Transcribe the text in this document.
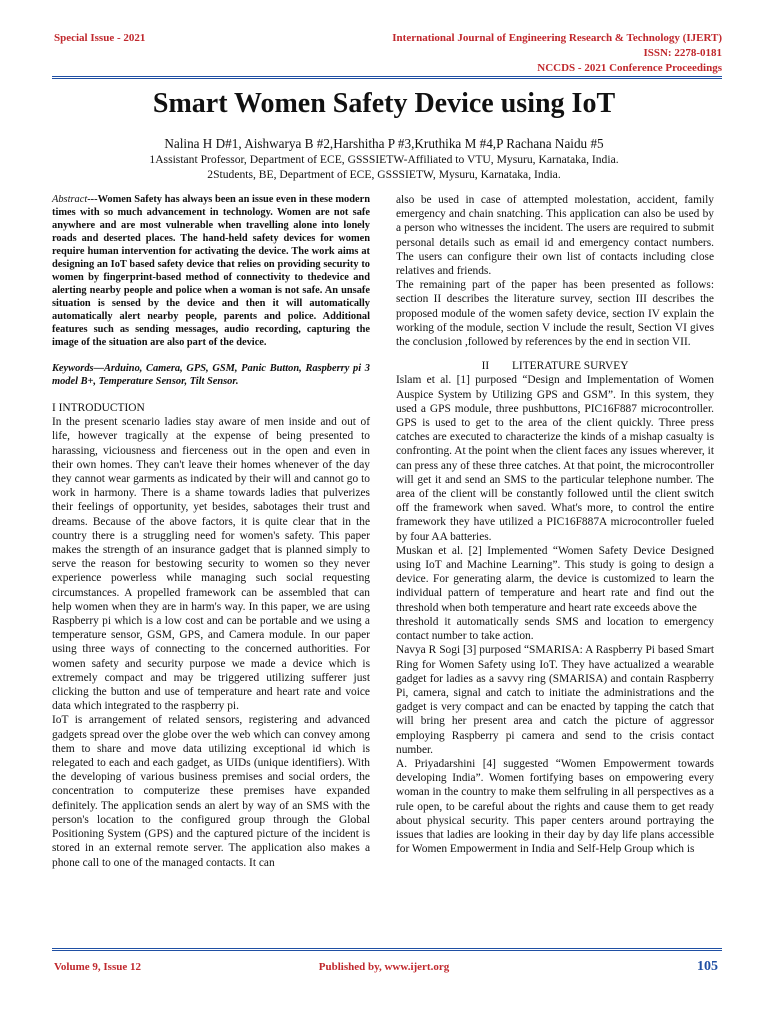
Special Issue - 2021	International Journal of Engineering Research & Technology (IJERT)
ISSN: 2278-0181
NCCDS - 2021 Conference Proceedings
Smart Women Safety Device using IoT
Nalina H D#1, Aishwarya B #2,Harshitha P #3,Kruthika M #4,P Rachana Naidu #5
1Assistant Professor, Department of ECE, GSSSIETW-Affiliated to VTU, Mysuru, Karnataka, India.
2Students, BE, Department of ECE, GSSSIETW, Mysuru, Karnataka, India.

Abstract---Women Safety has always been an issue even in these modern times with so much advancement in technology. Women are not safe anywhere and are most vulnerable when travelling alone into lonely roads and deserted places. The hand-held safety devices for women require human intervention for activating the device. The work aims at designing an IoT based safety device that relies on providing security to women by fingerprint-based method of connectivity to thedevice and alerting nearby people and police when a woman is not safe. An unsafe situation is sensed by the device and then it will automatically automatically alert nearby people, parents and police. Additional features such as sending messages, audio recording, capturing the image of the situation are also part of the device.

Keywords—Arduino, Camera, GPS, GSM, Panic Button, Raspberry pi 3 model B+, Temperature Sensor, Tilt Sensor.

I INTRODUCTION

In the present scenario ladies stay aware of men inside and out of life, however tragically at the expense of being presented to harassing, viciousness and fierceness out in the open and even in their own homes. They can't leave their homes whenever of the day they cannot wear garments as indicated by their will and cannot go to work in harmony. There is a shame towards ladies that pulverizes their feelings of opportunity, yet besides, sabotages their trust and dreams. Because of the above factors, it is quite clear that in the country there is a struggling need for women's safety. This paper makes the strength of an insurance gadget that is planned simply to serve the reason for bestowing security to women so they never experience powerless while managing such social requesting circumstances. A propelled framework can be assembled that can help women when they are in harm's way. In this paper, we are using Raspberry pi which is a low cost and can be portable and we using a temperature sensor, GSM, GPS, and Camera module. In our paper using three ways of connecting to the concerned authorities. For women safety and security purpose we made a device which is extremely compact and may be triggered utilizing sufferer just clicking the button and use of temperature and heart rate and voice data which integrated to the raspberry pi.

IoT is arrangement of related sensors, registering and advanced gadgets spread over the globe over the web which can convey among them to share and move data utilizing exceptional id which is relegated to each and each gadget, as UIDs (unique identifiers). With the developing of various business premises and social orders, the concentration to computerize these premises have expanded definitely. The application sends an alert by way of an SMS with the person's location to the configured group through the Global Positioning System (GPS) and the captured picture of the incident is stored in an external remote server. The application also makes a phone call to one of the managed contacts. It can

also be used in case of attempted molestation, accident, family emergency and chain snatching. This application can also be used by a person who witnesses the incident. The users are required to submit personal details such as email id and emergency contact numbers. The users can configure their own list of contacts including close relatives and friends.

The remaining part of the paper has been presented as follows: section II describes the literature survey, section III describes the proposed module of the women safety device, section IV explain the working of the module, section V include the result, Section VI gives the conclusion ,followed by references by the end in section VII.

II        LITERATURE SURVEY

Islam et al. [1] purposed “Design and Implementation of Women Auspice System by Utilizing GPS and GSM”. In this system, they used a GPS module, three pushbuttons, PIC16F887 microcontroller. GPS is used to get to the area of the client quickly. Three press catches are executed to characterize the kinds of a mishap casualty is confronting. At the point when the client faces any issues wherever, it can press any of these three catches. At that point, the microcontroller will get it and send an SMS to the particular telephone number. The area of the client will be constantly followed until the client switch off the framework when saved. What's more, to control the entire framework they have utilized a PIC16F887A microcontroller fueled by four AA batteries.

Muskan et al. [2] Implemented “Women Safety Device Designed using IoT and Machine Learning”. This study is going to design a device. For generating alarm, the device is customized to learn the individual pattern of temperature and heart rate and find out the threshold when both temperature and heart rate exceeds above the

threshold it automatically sends SMS and location to emergency contact number to take action.

Navya R Sogi [3] purposed “SMARISA: A Raspberry Pi based Smart Ring for Women Safety using IoT. They have actualized a wearable gadget for ladies as a savvy ring (SMARISA) and contain Raspberry Pi, camera, signal and catch to initiate the administrations and the gadget is very compact and can be enacted by tapping the catch that will bring her present area and catch the picture of aggressor employing Raspberry pi camera and send to the crisis contact number.

A. Priyadarshini [4] suggested “Women Empowerment towards developing India”. Women fortifying bases on empowering every woman in the country to make them selfruling in all perspectives as a rule open, to be careful about the rights and cause them to get ready about physical security. This paper centers around portraying the issues that ladies are looking in their day by day life plans accessible for Women Empowerment in India and Self-Help Group which is

Volume 9, Issue 12	Published by, www.ijert.org	105
